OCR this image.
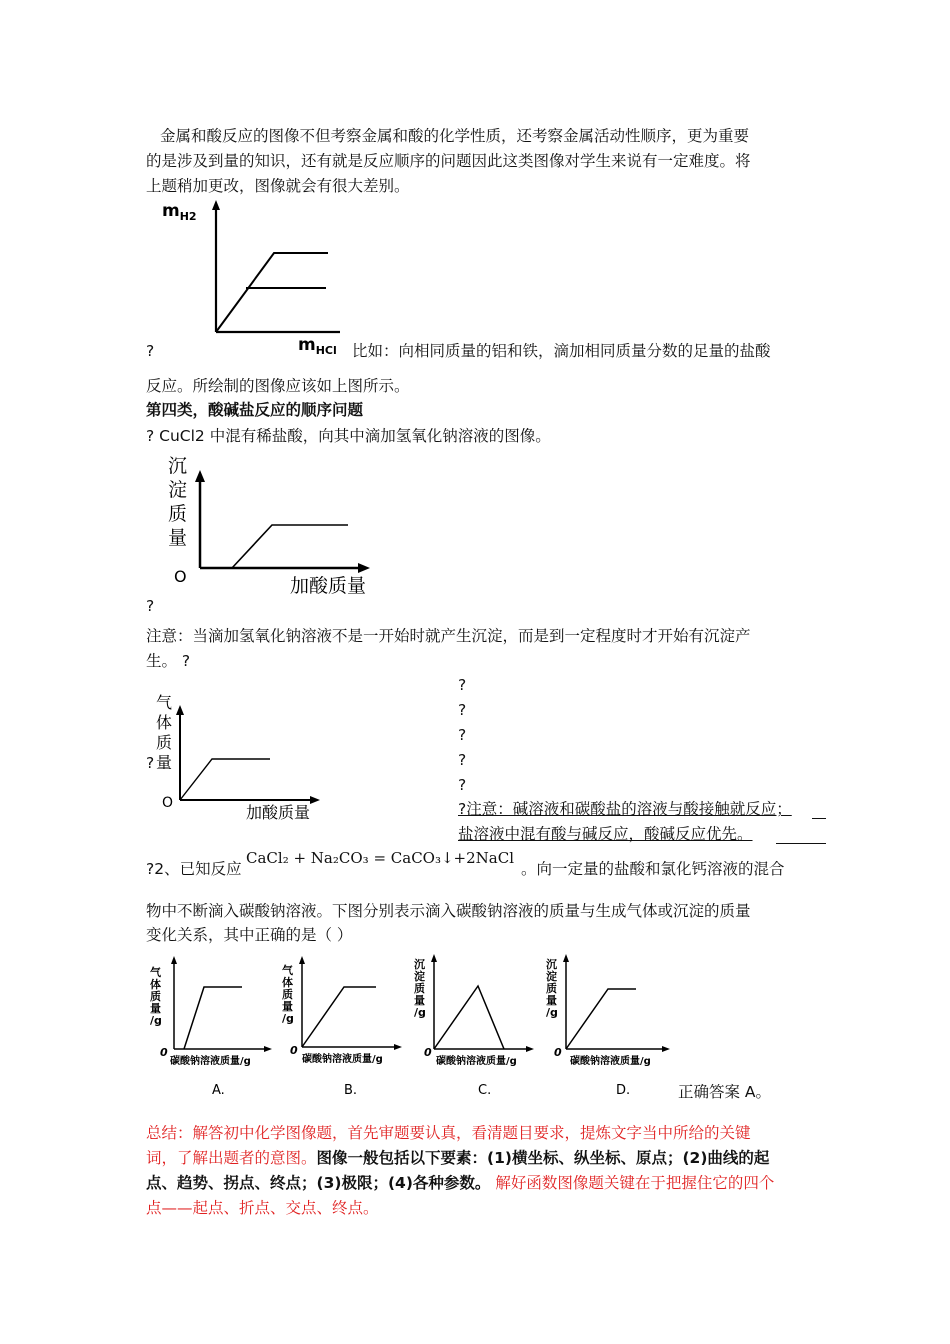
金属和酸反应的图像不但考察金属和酸的化学性质，还考察金属活动性顺序，更为重要
的是涉及到量的知识，还有就是反应顺序的问题因此这类图像对学生来说有一定难度。将
上题稍加更改，图像就会有很大差别。
$m_{H2}$
$m_{HCl}$
?	比如：向相同质量的铝和铁，滴加相同质量分数的足量的盐酸
反应。所绘制的图像应该如上图所示。
第四类，酸碱盐反应的顺序问题
? CuCl2 中混有稀盐酸，向其中滴加氢氧化钠溶液的图像。
沉
淀
质
量
O	加酸质量
?
注意：当滴加氢氧化钠溶液不是一开始时就产生沉淀，而是到一定程度时才开始有沉淀产
生。 ?
气
体
质
量
O	加酸质量
?
?
?
?
?
?
?注意：碱溶液和碳酸盐的溶液与酸接触就反应；
盐溶液中混有酸与碱反应，酸碱反应优先。
?2、已知反应
CaCl₂ + Na₂CO₃ = CaCO₃↓+2NaCl
。向一定量的盐酸和氯化钙溶液的混合
物中不断滴入碳酸钠溶液。下图分别表示滴入碳酸钠溶液的质量与生成气体或沉淀的质量
变化关系，其中正确的是（ ）
气
体
质
量
/g
0
碳酸钠溶液质量/g
A.
气
体
质
量
/g
0
碳酸钠溶液质量/g
B.
沉
淀
质
量
/g
0
碳酸钠溶液质量/g
C.
沉
淀
质
量
/g
0
碳酸钠溶液质量/g
D.	正确答案 A。
总结：解答初中化学图像题，首先审题要认真，看清题目要求，提炼文字当中所给的关键
词，了解出题者的意图。图像一般包括以下要素：(1)横坐标、纵坐标、原点；(2)曲线的起
点、趋势、拐点、终点；(3)极限；(4)各种参数。 解好函数图像题关键在于把握住它的四个
点——起点、折点、交点、终点。
